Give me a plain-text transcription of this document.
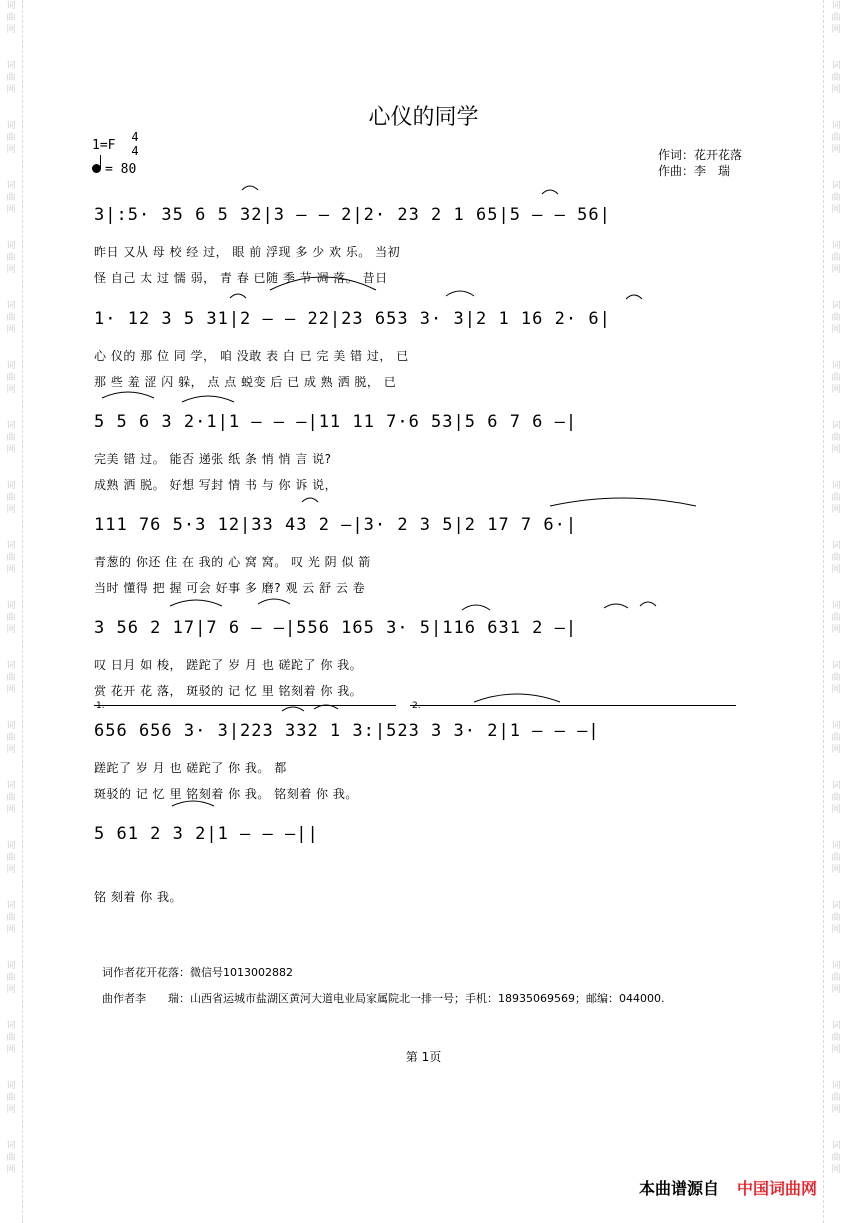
词
曲
网
词
曲
网
词
曲
网
词
曲
网
词
曲
网
词
曲
网
词
曲
网
词
曲
网
词
曲
网
词
曲
网
词
曲
网
词
曲
网
词
曲
网
词
曲
网
词
曲
网
词
曲
网
词
曲
网
词
曲
网
词
曲
网
词
曲
网
词
曲
网
词
曲
网
词
曲
网
词
曲
网
词
曲
网
词
曲
网
词
曲
网
词
曲
网
词
曲
网
词
曲
网
词
曲
网
词
曲
网
词
曲
网
词
曲
网
词
曲
网
词
曲
网
词
曲
网
词
曲
网
词
曲
网
词
曲
网
心仪的同学
1=F
4
4
= 80
作词：花开花落
作曲：李　瑞
3|:5· 35 6 5 32|3 – – 2|2· 23 2 1 65|5 – – 56|
昨日 又从 母 校 经 过， 眼 前 浮现 多 少 欢 乐。 当初
怪 自己 太 过 懦 弱， 青 春 已随 季 节 凋 落。 昔日
1· 12 3 5 31|2 – – 22|23 653 3· 3|2 1 16 2· 6|
心 仪的 那 位 同 学， 咱 没敢 表 白 已 完 美 错 过， 已
那 些 羞 涩 闪 躲， 点 点 蜕变 后 已 成 熟 洒 脱， 已
5 5 6 3 2·1|1 – – –|11 11 7·6 53|5 6 7 6 –|
完美 错 过。 能否 递张 纸 条 悄 悄 言 说?
成熟 洒 脱。 好想 写封 情 书 与 你 诉 说，
111 76 5·3 12|33 43 2 –|3· 2 3 5|2 17 7 6·|
青葱的 你还 住 在 我的 心 窝 窝。 叹 光 阴 似 箭
当时 懂得 把 握 可会 好事 多 磨? 观 云 舒 云 卷
3 56 2 17|7 6 – –|556 165 3· 5|116 631 2 –|
叹 日月 如 梭， 蹉跎了 岁 月 也 磋跎了 你 我。
赏 花开 花 落， 斑驳的 记 忆 里 铭刻着 你 我。
1.	2.
656 656 3· 3|223 332 1 3:|523 3 3· 2|1 – – –|
蹉跎了 岁 月 也 磋跎了 你 我。 都
斑驳的 记 忆 里 铭刻着 你 我。 铭刻着 你 我。
5 61 2 3 2|1 – – –||
铭 刻着 你 我。
词作者花开花落：微信号1013002882
曲作者李　　瑞：山西省运城市盐湖区黄河大道电业局家属院北一排一号；手机：18935069569；邮编：044000.
第 1页
本曲谱源自 中国词曲网
